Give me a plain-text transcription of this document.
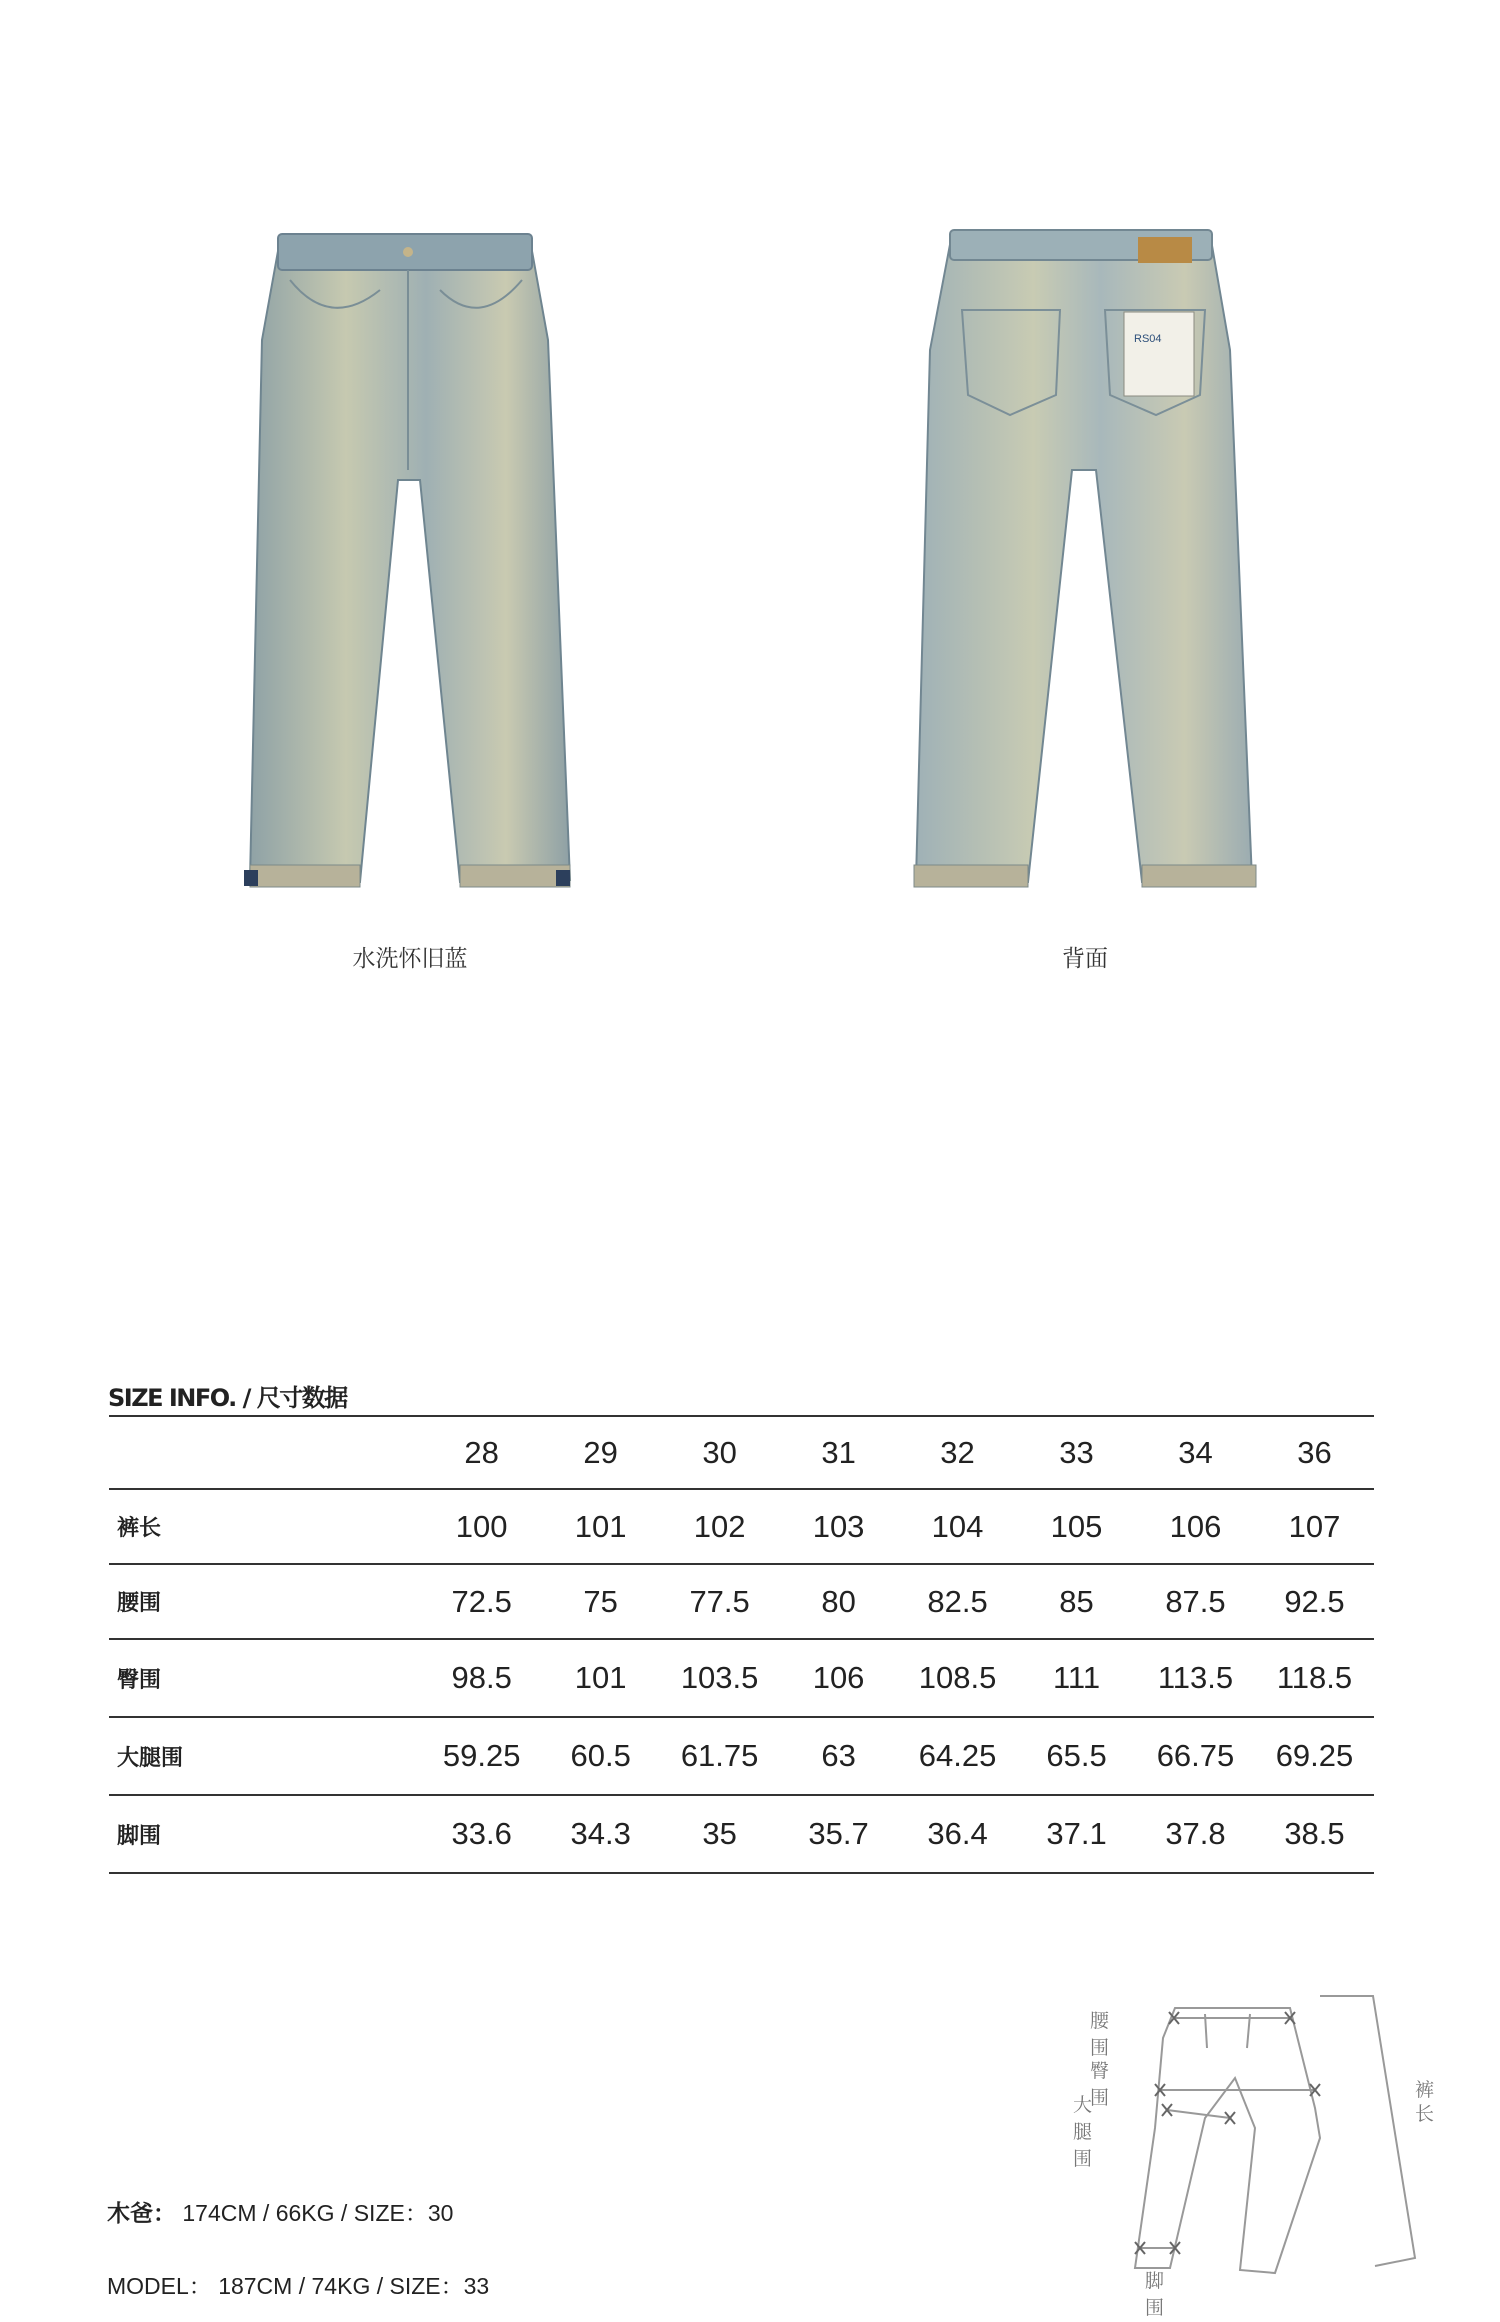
RS04
水洗怀旧蓝	背面
SIZE INFO. / 尺寸数据
	28	29	30	31	32	33	34	36
裤长	100	101	102	103	104	105	106	107
腰围	72.5	75	77.5	80	82.5	85	87.5	92.5
臀围	98.5	101	103.5	106	108.5	111	113.5	118.5
大腿围	59.25	60.5	61.75	63	64.25	65.5	66.75	69.25
脚围	33.6	34.3	35	35.7	36.4	37.1	37.8	38.5
木爸： 174CM / 66KG / SIZE：30
MODEL： 187CM / 74KG / SIZE：33
腰围
臀围
大腿围
裤长
脚围
